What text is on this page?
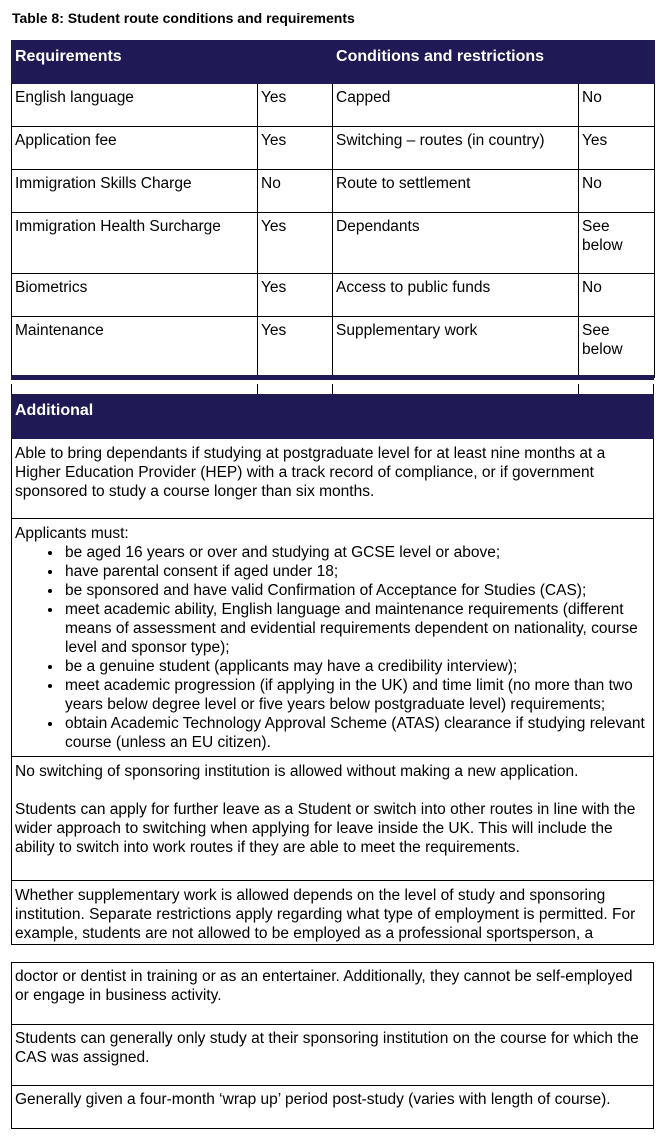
Table 8: Student route conditions and requirements
Requirements		Conditions and restrictions	
English language	Yes	Capped	No
Application fee	Yes	Switching – routes (in country)	Yes
Immigration Skills Charge	No	Route to settlement	No
Immigration Health Surcharge	Yes	Dependants	See below
Biometrics	Yes	Access to public funds	No
Maintenance	Yes	Supplementary work	See below
Additional
Able to bring dependants if studying at postgraduate level for at least nine months at a Higher Education Provider (HEP) with a track record of compliance, or if government sponsored to study a course longer than six months.

Applicants must:

• be aged 16 years or over and studying at GCSE level or above;
• have parental consent if aged under 18;
• be sponsored and have valid Confirmation of Acceptance for Studies (CAS);
• meet academic ability, English language and maintenance requirements (different means of assessment and evidential requirements dependent on nationality, course level and sponsor type);
• be a genuine student (applicants may have a credibility interview);
• meet academic progression (if applying in the UK) and time limit (no more than two years below degree level or five years below postgraduate level) requirements;
• obtain Academic Technology Approval Scheme (ATAS) clearance if studying relevant course (unless an EU citizen).

No switching of sponsoring institution is allowed without making a new application.

Students can apply for further leave as a Student or switch into other routes in line with the wider approach to switching when applying for leave inside the UK. This will include the ability to switch into work routes if they are able to meet the requirements.

Whether supplementary work is allowed depends on the level of study and sponsoring institution. Separate restrictions apply regarding what type of employment is permitted. For example, students are not allowed to be employed as a professional sportsperson, a
doctor or dentist in training or as an entertainer. Additionally, they cannot be self-employed or engage in business activity.
Students can generally only study at their sponsoring institution on the course for which the CAS was assigned.
Generally given a four-month ‘wrap up’ period post-study (varies with length of course).
